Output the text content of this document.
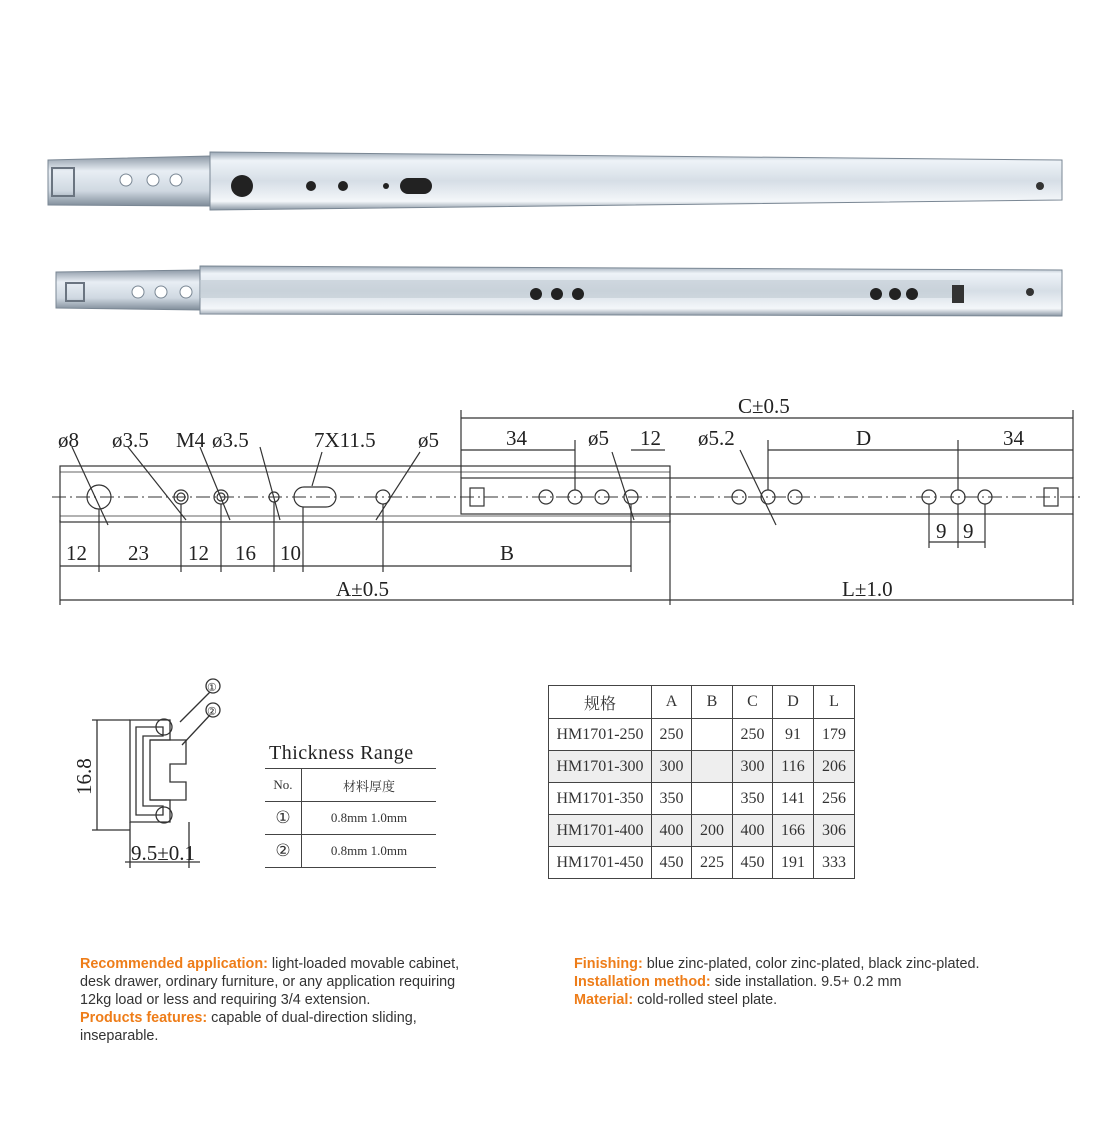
ø8 ø3.5 M4 ø3.5	7X11.5 ø5	34	ø5 12 ø5.2	D	34
C±0.5
12 23 12 16 10	B
9 9
A±0.5	L±1.0
①
②
16.8
9.5±0.1
Thickness Range
No.	材料厚度
①	0.8mm 1.0mm
②	0.8mm 1.0mm
规格	A	B	C	D	L
HM1701-250	250		250	91	179
HM1701-300	300		300	116	206
HM1701-350	350		350	141	256
HM1701-400	400	200	400	166	306
HM1701-450	450	225	450	191	333
Recommended application: light-loaded movable cabinet,
desk drawer, ordinary furniture, or any application requiring
12kg load or less and requiring 3/4 extension.
Products features: capable of dual-direction sliding,
inseparable.
Finishing: blue zinc-plated, color zinc-plated, black zinc-plated.
Installation method: side installation. 9.5+ 0.2 mm
Material: cold-rolled steel plate.
